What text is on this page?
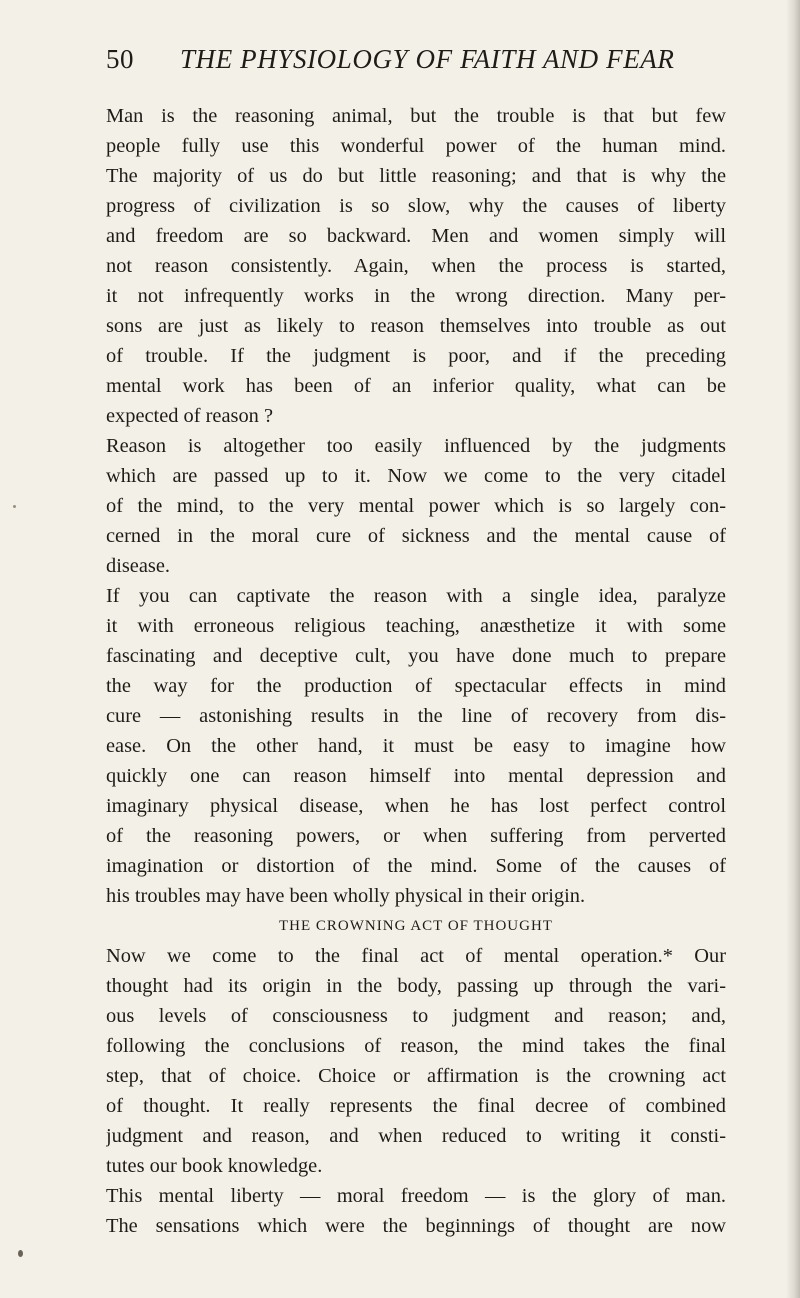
50 THE PHYSIOLOGY OF FAITH AND FEAR
Man is the reasoning animal, but the trouble is that but few
people fully use this wonderful power of the human mind.
The majority of us do but little reasoning; and that is why the
progress of civilization is so slow, why the causes of liberty
and freedom are so backward. Men and women simply will
not reason consistently. Again, when the process is started,
it not infrequently works in the wrong direction. Many per-
sons are just as likely to reason themselves into trouble as out
of trouble. If the judgment is poor, and if the preceding
mental work has been of an inferior quality, what can be
expected of reason ?
Reason is altogether too easily influenced by the judgments
which are passed up to it. Now we come to the very citadel
of the mind, to the very mental power which is so largely con-
cerned in the moral cure of sickness and the mental cause of
disease.
If you can captivate the reason with a single idea, paralyze
it with erroneous religious teaching, anæsthetize it with some
fascinating and deceptive cult, you have done much to prepare
the way for the production of spectacular effects in mind
cure — astonishing results in the line of recovery from dis-
ease. On the other hand, it must be easy to imagine how
quickly one can reason himself into mental depression and
imaginary physical disease, when he has lost perfect control
of the reasoning powers, or when suffering from perverted
imagination or distortion of the mind. Some of the causes of
his troubles may have been wholly physical in their origin.
THE CROWNING ACT OF THOUGHT
Now we come to the final act of mental operation.* Our
thought had its origin in the body, passing up through the vari-
ous levels of consciousness to judgment and reason; and,
following the conclusions of reason, the mind takes the final
step, that of choice. Choice or affirmation is the crowning act
of thought. It really represents the final decree of combined
judgment and reason, and when reduced to writing it consti-
tutes our book knowledge.
This mental liberty — moral freedom — is the glory of man.
The sensations which were the beginnings of thought are now
